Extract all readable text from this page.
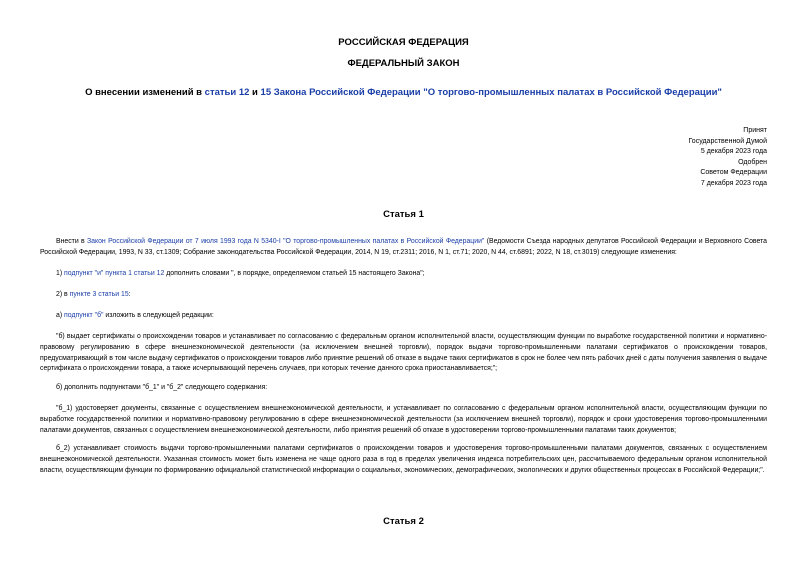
РОССИЙСКАЯ ФЕДЕРАЦИЯ
ФЕДЕРАЛЬНЫЙ ЗАКОН
О внесении изменений в статьи 12 и 15 Закона Российской Федерации "О торгово-промышленных палатах в Российской Федерации"
Принят
Государственной Думой
5 декабря 2023 года
Одобрен
Советом Федерации
7 декабря 2023 года
Статья 1

Внести в Закон Российской Федерации от 7 июля 1993 года N 5340-I "О торгово-промышленных палатах в Российской Федерации" (Ведомости Съезда народных депутатов Российской Федерации и Верховного Совета Российской Федерации, 1993, N 33, ст.1309; Собрание законодательства Российской Федерации, 2014, N 19, ст.2311; 2016, N 1, ст.71; 2020, N 44, ст.6891; 2022, N 18, ст.3019) следующие изменения:

1) подпункт "и" пункта 1 статьи 12 дополнить словами ", в порядке, определяемом статьей 15 настоящего Закона";

2) в пункте 3 статьи 15:

а) подпункт "б" изложить в следующей редакции:

"б) выдает сертификаты о происхождении товаров и устанавливает по согласованию с федеральным органом исполнительной власти, осуществляющим функции по выработке государственной политики и нормативно-правовому регулированию в сфере внешнеэкономической деятельности (за исключением внешней торговли), порядок выдачи торгово-промышленными палатами сертификатов о происхождении товаров, предусматривающий в том числе выдачу сертификатов о происхождении товаров либо принятие решений об отказе в выдаче таких сертификатов в срок не более чем пять рабочих дней с даты получения заявления о выдаче сертификата о происхождении товара, а также исчерпывающий перечень случаев, при которых течение данного срока приостанавливается;";

б) дополнить подпунктами "б_1" и "б_2" следующего содержания:

"б_1) удостоверяет документы, связанные с осуществлением внешнеэкономической деятельности, и устанавливает по согласованию с федеральным органом исполнительной власти, осуществляющим функции по выработке государственной политики и нормативно-правовому регулированию в сфере внешнеэкономической деятельности (за исключением внешней торговли), порядок и сроки удостоверения торгово-промышленными палатами документов, связанных с осуществлением внешнеэкономической деятельности, либо принятия решений об отказе в удостоверении торгово-промышленными палатами таких документов;

б_2) устанавливает стоимость выдачи торгово-промышленными палатами сертификатов о происхождении товаров и удостоверения торгово-промышленными палатами документов, связанных с осуществлением внешнеэкономической деятельности. Указанная стоимость может быть изменена не чаще одного раза в год в пределах увеличения индекса потребительских цен, рассчитываемого федеральным органом исполнительной власти, осуществляющим функции по формированию официальной статистической информации о социальных, экономических, демографических, экологических и других общественных процессах в Российской Федерации;".

Статья 2
